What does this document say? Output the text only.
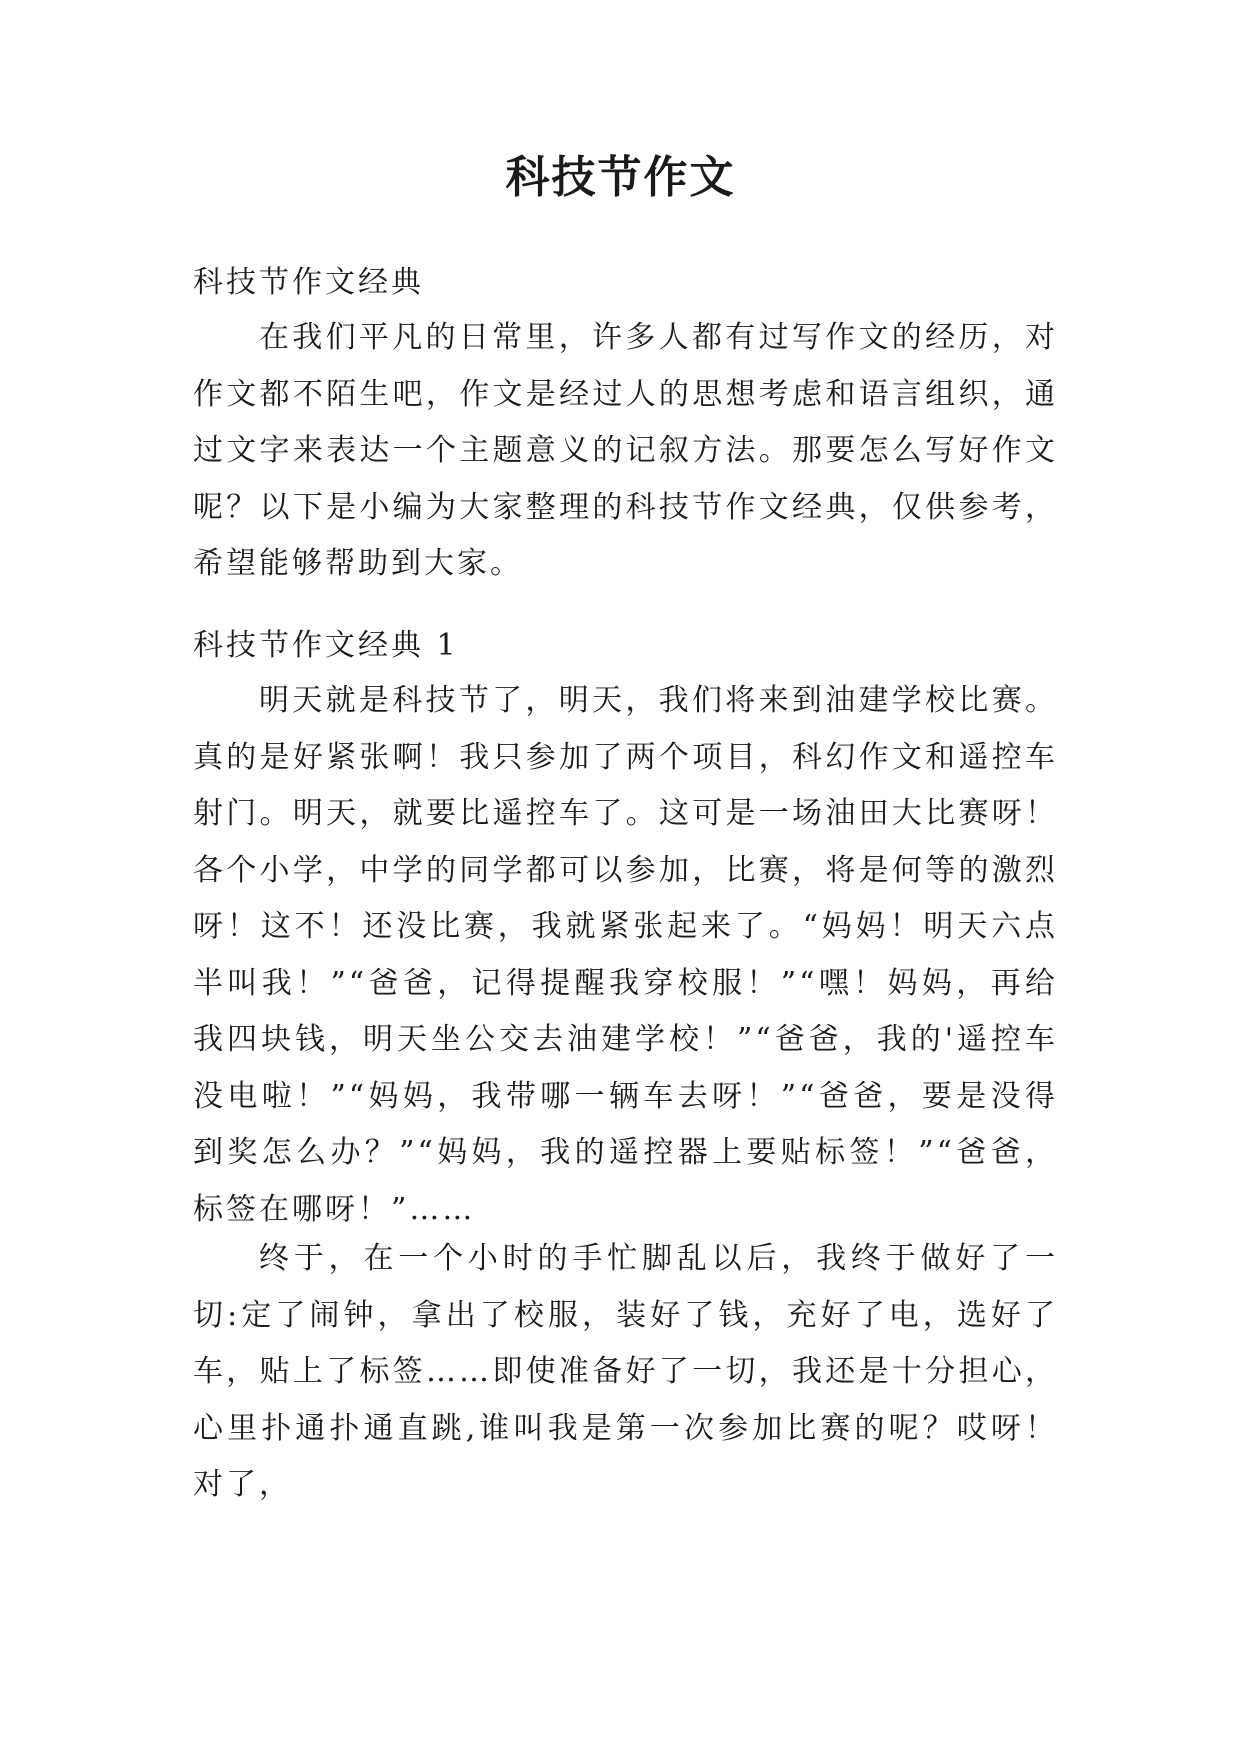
科技节作文

科技节作文经典

在我们平凡的日常里，许多人都有过写作文的经历，对作文都不陌生吧，作文是经过人的思想考虑和语言组织，通过文字来表达一个主题意义的记叙方法。那要怎么写好作文呢？以下是小编为大家整理的科技节作文经典，仅供参考，希望能够帮助到大家。

科技节作文经典 1

明天就是科技节了，明天，我们将来到油建学校比赛。真的是好紧张啊！我只参加了两个项目，科幻作文和遥控车射门。明天，就要比遥控车了。这可是一场油田大比赛呀！各个小学，中学的同学都可以参加，比赛，将是何等的激烈呀！这不！还没比赛，我就紧张起来了。“妈妈！明天六点半叫我！”“爸爸，记得提醒我穿校服！”“嘿！妈妈，再给我四块钱，明天坐公交去油建学校！”“爸爸，我的'遥控车没电啦！”“妈妈，我带哪一辆车去呀！”“爸爸，要是没得到奖怎么办？”“妈妈，我的遥控器上要贴标签！”“爸爸，标签在哪呀！”……

终于，在一个小时的手忙脚乱以后，我终于做好了一切:定了闹钟，拿出了校服，装好了钱，充好了电，选好了车，贴上了标签……即使准备好了一切，我还是十分担心，心里扑通扑通直跳,谁叫我是第一次参加比赛的呢？哎呀！对了，
